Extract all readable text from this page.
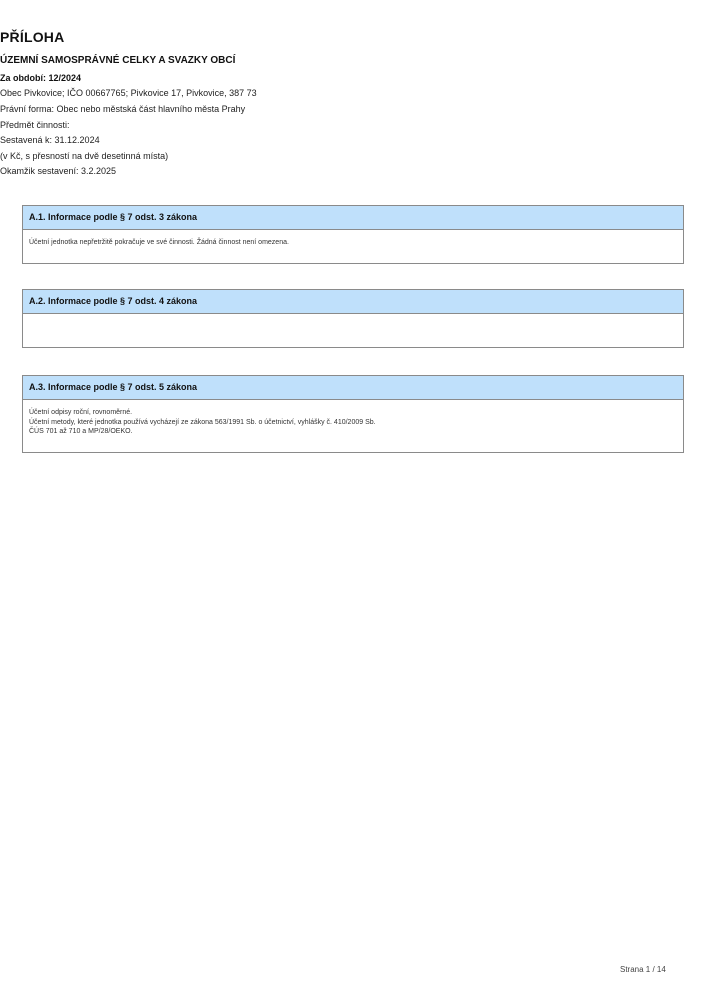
PŘÍLOHA
ÚZEMNÍ SAMOSPRÁVNÉ CELKY A SVAZKY OBCÍ
Za období: 12/2024
Obec Pivkovice; IČO 00667765; Pivkovice 17, Pivkovice, 387 73
Právní forma: Obec nebo městská část hlavního města Prahy
Předmět činnosti:
Sestavená k: 31.12.2024
(v Kč, s přesností na dvě desetinná místa)
Okamžik sestavení: 3.2.2025
A.1. Informace podle § 7 odst. 3 zákona
Účetní jednotka nepřetržitě pokračuje ve své činnosti. Žádná činnost není omezena.
A.2. Informace podle § 7 odst. 4 zákona
A.3. Informace podle § 7 odst. 5 zákona
Účetní odpisy roční, rovnoměrné.
Účetní metody, které jednotka používá vycházejí ze zákona 563/1991 Sb. o účetnictví, vyhlášky č. 410/2009 Sb.
ČÚS 701 až 710 a MP/28/OEKO.
Strana 1 / 14
